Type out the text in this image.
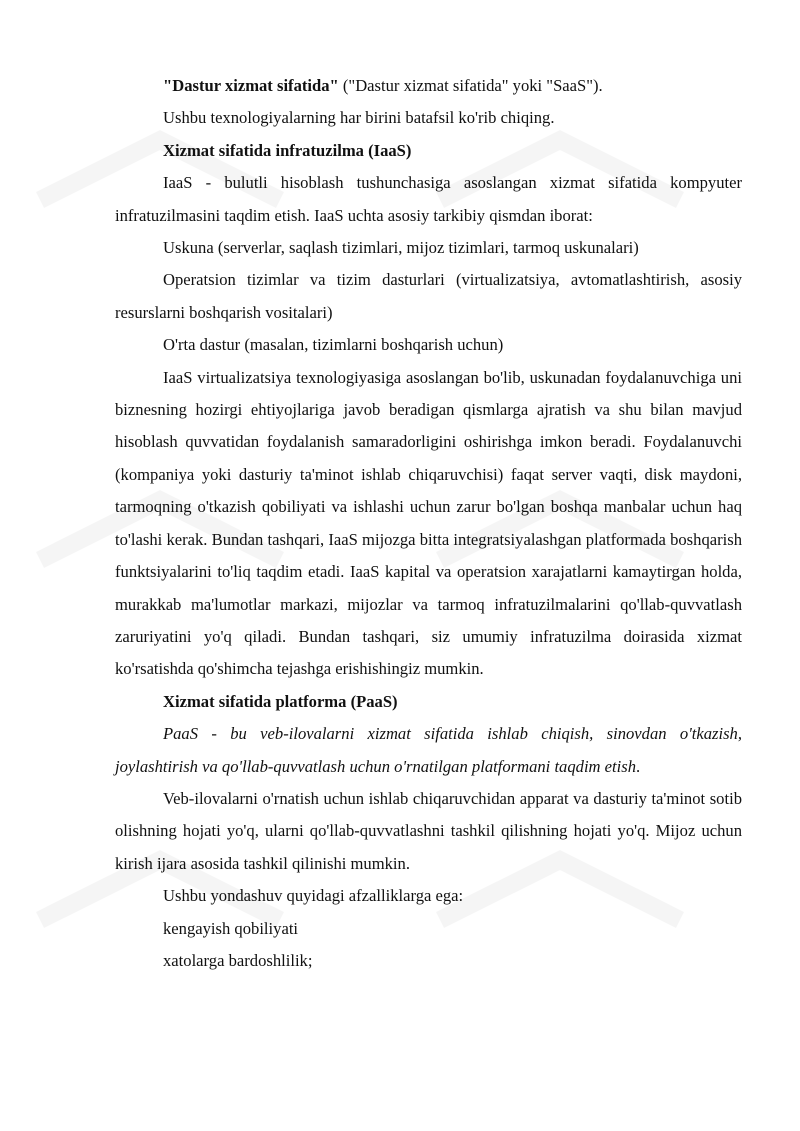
"Dastur xizmat sifatida" ("Dastur xizmat sifatida" yoki "SaaS").

Ushbu texnologiyalarning har birini batafsil ko'rib chiqing.

Xizmat sifatida infratuzilma (IaaS)

IaaS - bulutli hisoblash tushunchasiga asoslangan xizmat sifatida kompyuter infratuzilmasini taqdim etish. IaaS uchta asosiy tarkibiy qismdan iborat:

Uskuna (serverlar, saqlash tizimlari, mijoz tizimlari, tarmoq uskunalari)

Operatsion tizimlar va tizim dasturlari (virtualizatsiya, avtomatlashtirish, asosiy resurslarni boshqarish vositalari)

O'rta dastur (masalan, tizimlarni boshqarish uchun)

IaaS virtualizatsiya texnologiyasiga asoslangan bo'lib, uskunadan foydalanuvchiga uni biznesning hozirgi ehtiyojlariga javob beradigan qismlarga ajratish va shu bilan mavjud hisoblash quvvatidan foydalanish samaradorligini oshirishga imkon beradi. Foydalanuvchi (kompaniya yoki dasturiy ta'minot ishlab chiqaruvchisi) faqat server vaqti, disk maydoni, tarmoqning o'tkazish qobiliyati va ishlashi uchun zarur bo'lgan boshqa manbalar uchun haq to'lashi kerak. Bundan tashqari, IaaS mijozga bitta integratsiyalashgan platformada boshqarish funktsiyalarini to'liq taqdim etadi. IaaS kapital va operatsion xarajatlarni kamaytirgan holda, murakkab ma'lumotlar markazi, mijozlar va tarmoq infratuzilmalarini qo'llab-quvvatlash zaruriyatini yo'q qiladi. Bundan tashqari, siz umumiy infratuzilma doirasida xizmat ko'rsatishda qo'shimcha tejashga erishishingiz mumkin.

Xizmat sifatida platforma (PaaS)

PaaS - bu veb-ilovalarni xizmat sifatida ishlab chiqish, sinovdan o'tkazish, joylashtirish va qo'llab-quvvatlash uchun o'rnatilgan platformani taqdim etish.

Veb-ilovalarni o'rnatish uchun ishlab chiqaruvchidan apparat va dasturiy ta'minot sotib olishning hojati yo'q, ularni qo'llab-quvvatlashni tashkil qilishning hojati yo'q. Mijoz uchun kirish ijara asosida tashkil qilinishi mumkin.

Ushbu yondashuv quyidagi afzalliklarga ega:

kengayish qobiliyati

xatolarga bardoshlilik;
